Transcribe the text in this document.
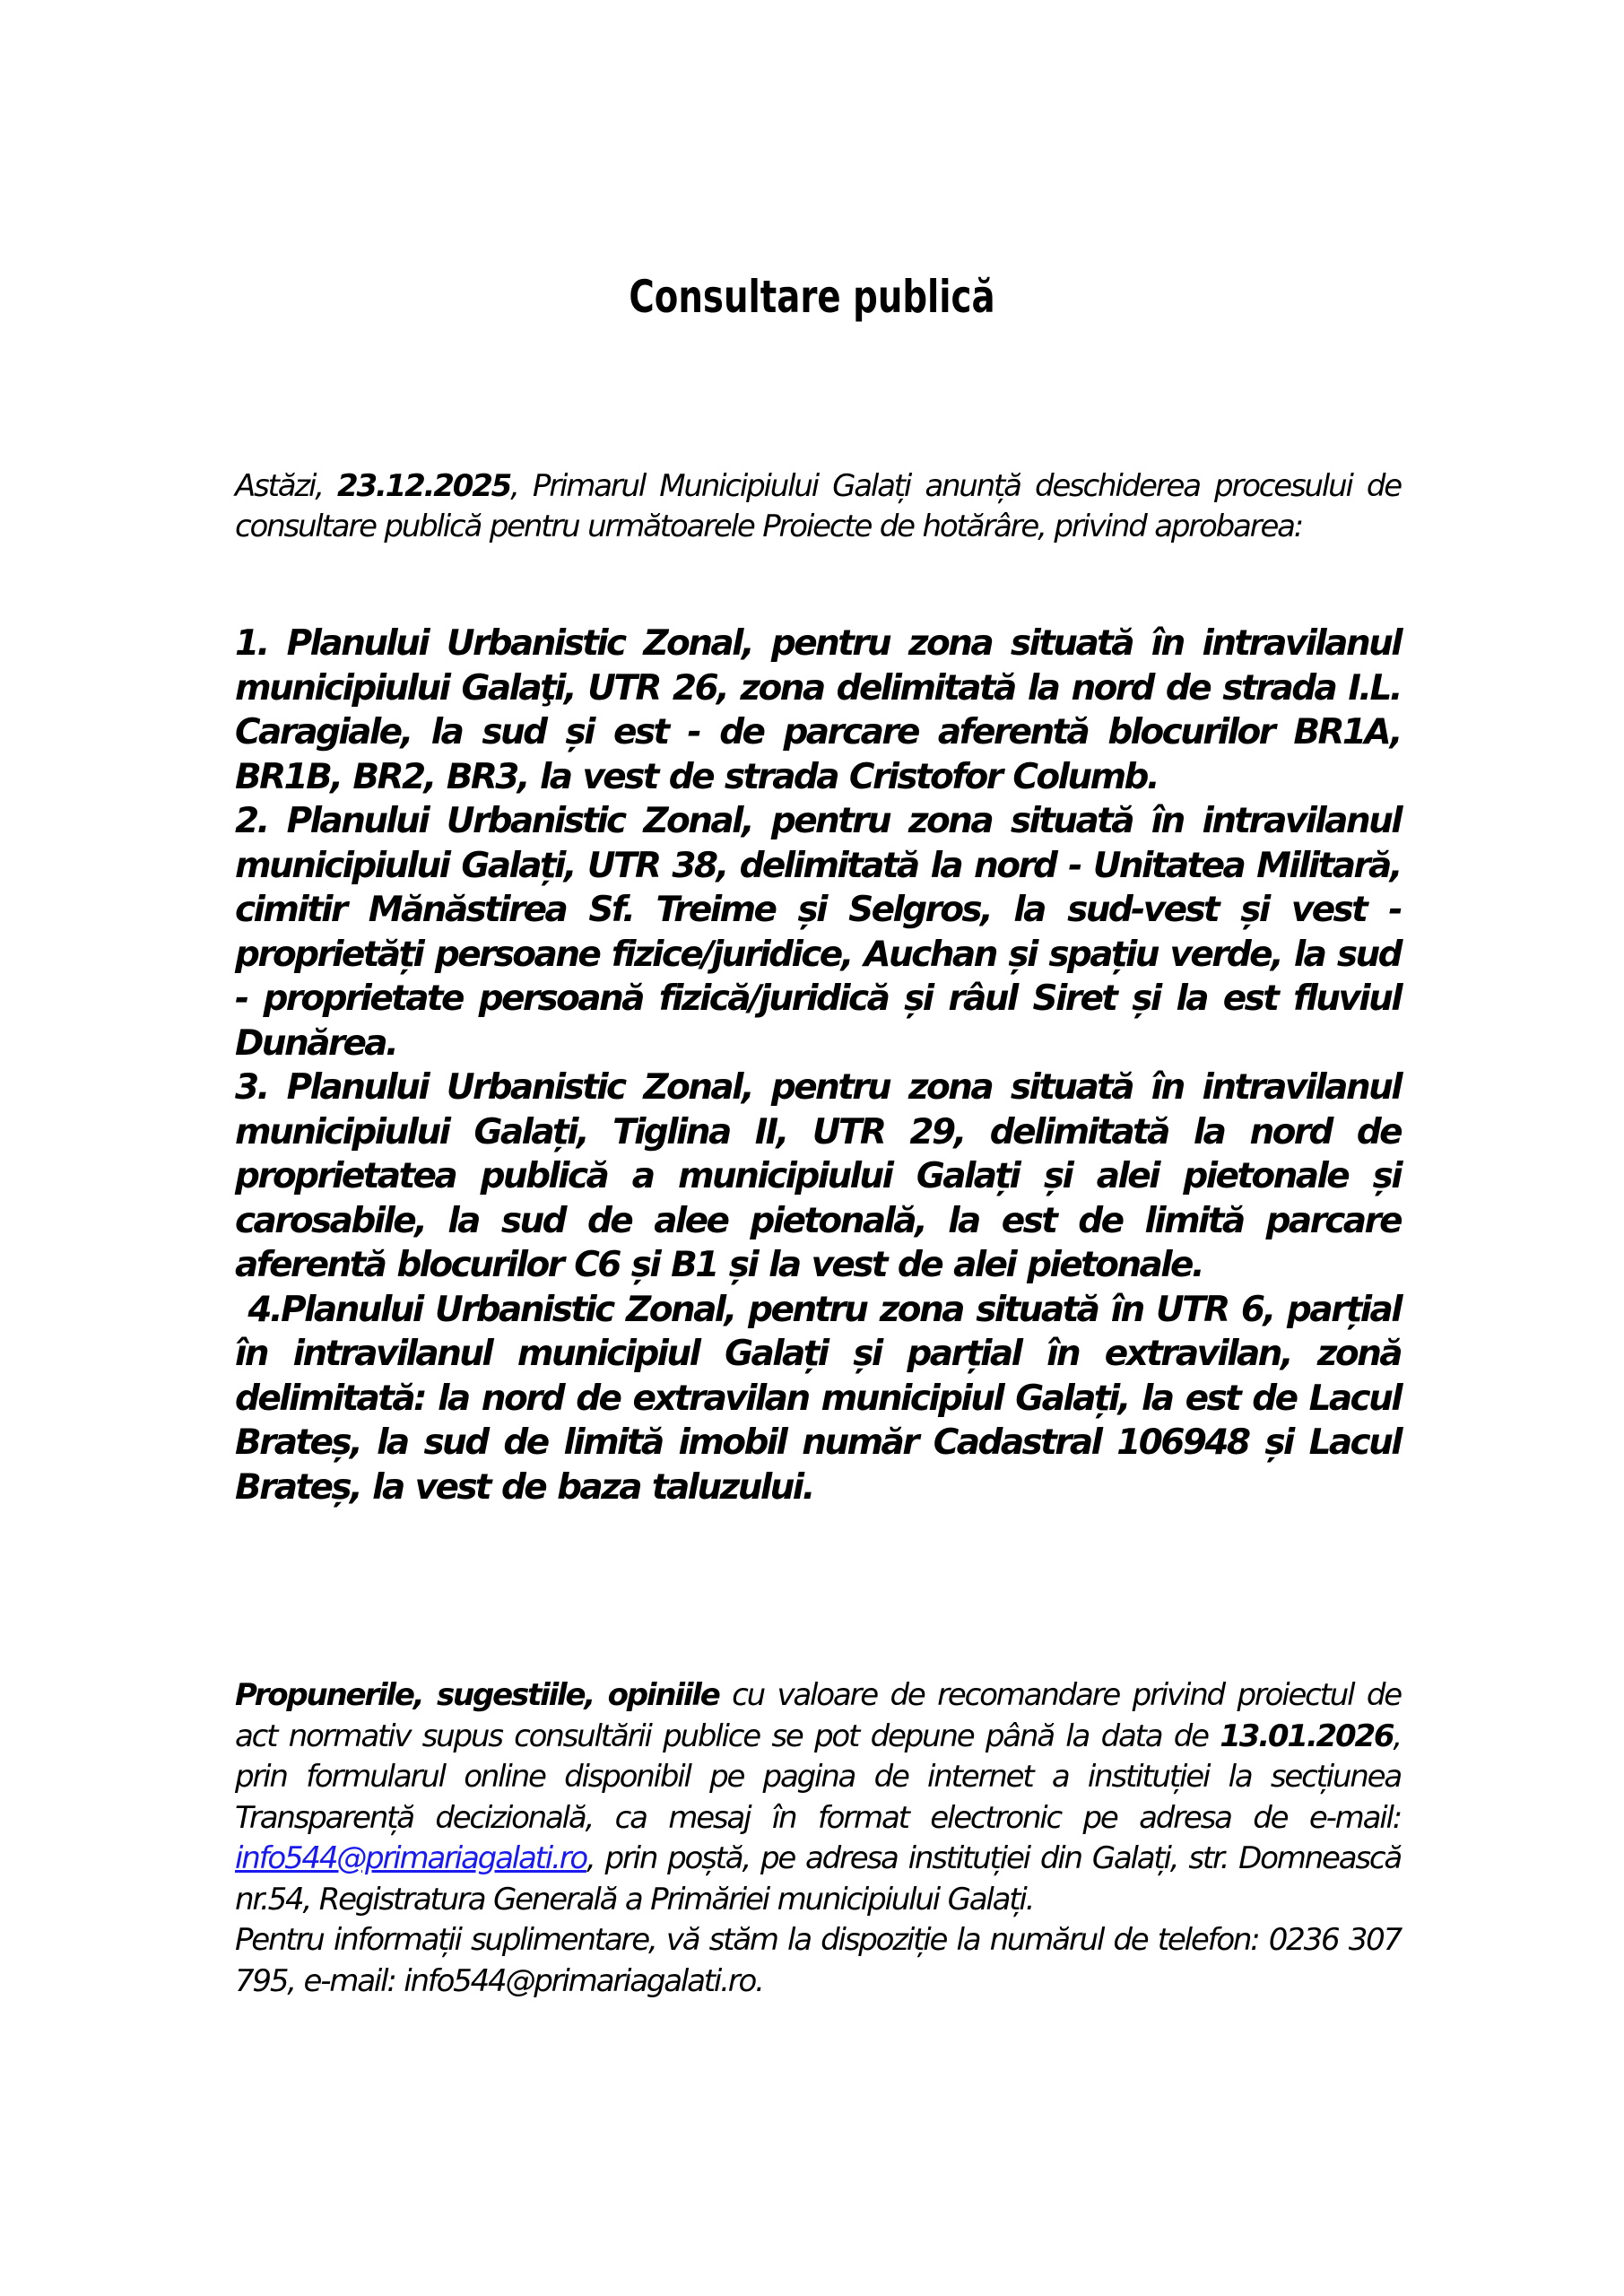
Consultare publică
Astăzi, 23.12.2025, Primarul Municipiului Galați anunță deschiderea procesului de consultare publică pentru următoarele Proiecte de hotărâre, privind aprobarea:

1. Planului Urbanistic Zonal, pentru zona situată în intravilanul municipiului Galaţi, UTR 26, zona delimitată la nord de strada I.L. Caragiale, la sud și est - de parcare aferentă blocurilor BR1A, BR1B, BR2, BR3, la vest de strada Cristofor Columb.

2. Planului Urbanistic Zonal, pentru zona situată în intravilanul municipiului Galați, UTR 38, delimitată la nord - Unitatea Militară, cimitir Mănăstirea Sf. Treime și Selgros, la sud-vest și vest - proprietăți persoane fizice/juridice, Auchan și spațiu verde, la sud - proprietate persoană fizică/juridică și râul Siret și la est fluviul Dunărea.

3. Planului Urbanistic Zonal, pentru zona situată în intravilanul municipiului Galați, Tiglina II, UTR 29, delimitată la nord de proprietatea publică a municipiului Galați și alei pietonale și carosabile, la sud de alee pietonală, la est de limită parcare aferentă blocurilor C6 și B1 și la vest de alei pietonale.

4.Planului Urbanistic Zonal, pentru zona situată în UTR 6, parțial în intravilanul municipiul Galați și parțial în extravilan, zonă delimitată: la nord de extravilan municipiul Galați, la est de Lacul Brateș, la sud de limită imobil număr Cadastral 106948 și Lacul Brateș, la vest de baza taluzului.

Propunerile, sugestiile, opiniile cu valoare de recomandare privind proiectul de act normativ supus consultării publice se pot depune până la data de 13.01.2026, prin formularul online disponibil pe pagina de internet a instituției la secțiunea Transparență decizională, ca mesaj în format electronic pe adresa de e-mail: info544@primariagalati.ro, prin poștă, pe adresa instituției din Galați, str. Domnească nr.54, Registratura Generală a Primăriei municipiului Galați.

Pentru informații suplimentare, vă stăm la dispoziție la numărul de telefon: 0236 307 795, e-mail: info544@primariagalati.ro.
